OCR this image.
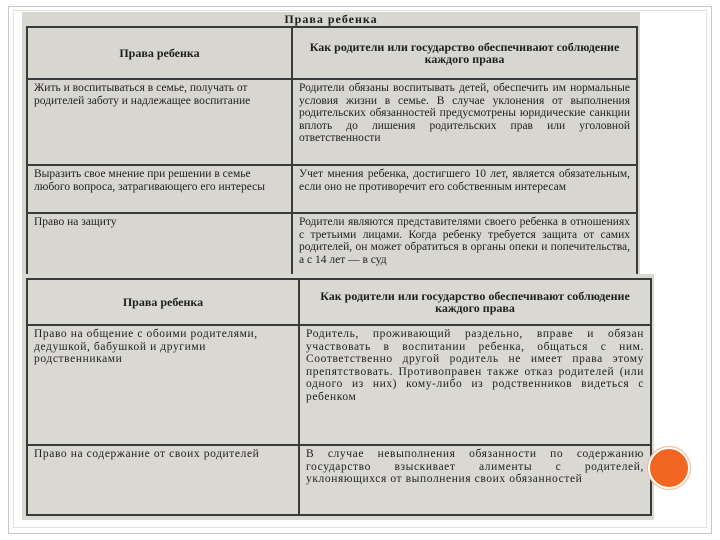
Права ребенка
Права ребенка	Как родители или государство обеспечивают соблюдение каждого права
Жить и воспитываться в семье, получать от родителей заботу и надлежащее воспитание	Родители обязаны воспитывать детей, обеспечить им нормальные условия жизни в семье. В случае уклонения от выполнения родительских обязанностей предусмотрены юридические санкции вплоть до лишения родительских прав или уголовной ответственности
Выразить свое мнение при решении в семье любого вопроса, затрагивающего его интересы	Учет мнения ребенка, достигшего 10 лет, является обязательным, если оно не противоречит его собственным интересам
Право на защиту	Родители являются представителями своего ребенка в отношениях с третьими лицами. Когда ребенку требуется защита от самих родителей, он может обратиться в органы опеки и попечительства, а с 14 лет — в суд
Права ребенка	Как родители или государство обеспечивают соблюдение каждого права
Право на общение с обоими родителями, дедушкой, бабушкой и другими родственниками	Родитель, проживающий раздельно, вправе и обязан участвовать в воспитании ребенка, общаться с ним. Соответственно другой родитель не имеет права этому препятствовать. Противоправен также отказ родителей (или одного из них) кому-либо из родственников видеться с ребенком
Право на содержание от своих родителей	В случае невыполнения обязанности по содержанию государство взыскивает алименты с родителей, уклоняющихся от выполнения своих обязанностей
